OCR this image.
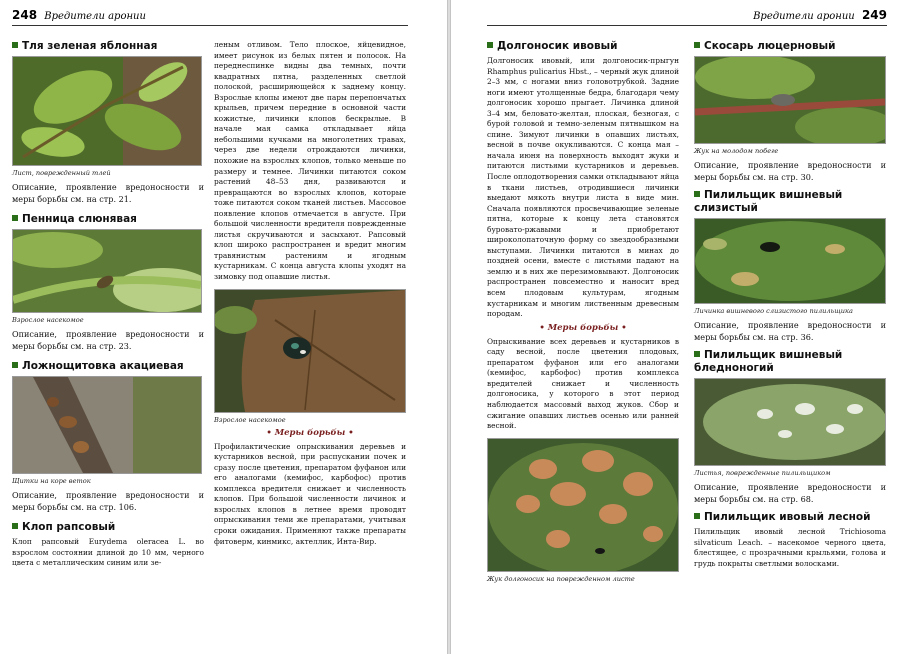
248 Вредители аронии
Тля зеленая яблонная

Лист, поврежденный тлей

Описание, проявление вредоносности и меры борьбы см. на стр. 21.

Пенница слюнявая

Взрослое насекомое

Описание, проявление вредоносности и меры борьбы см. на стр. 23.

Ложнощитовка акациевая

Щитки на коре веток

Описание, проявление вредоносности и меры борьбы см. на стр. 106.

Клоп рапсовый

Клоп рапсовый Eurydema oleracea L. во взрослом состоянии длиной до 10 мм, черного цвета с металлическим синим или зе-

леным отливом. Тело плоское, яйцевидное, имеет рисунок из белых пятен и полосок. На переднеспинке видны два темных, почти квадратных пятна, разделенных светлой полоской, расширяющейся к заднему концу. Взрослые клопы имеют две пары перепончатых крыльев, причем передние в основной части кожистые, личинки клопов бескрылые. В начале мая самка откладывает яйца небольшими кучками на многолетних травах, через две недели отрождаются личинки, похожие на взрослых клопов, только меньше по размеру и темнее. Личинки питаются соком растений 48–53 дня, развиваются и превращаются во взрослых клопов, которые тоже питаются соком тканей листьев. Массовое появление клопов отмечается в августе. При большой численности вредителя поврежденные листья скручиваются и засыхают. Рапсовый клоп широко распространен и вредит многим травянистым растениям и ягодным кустарникам. С конца августа клопы уходят на зимовку под опавшие листья.

Взрослое насекомое

• Меры борьбы •

Профилактические опрыскивания деревьев и кустарников весной, при распускании почек и сразу после цветения, препаратом фуфанон или его аналогами (кемифос, карбофос) против комплекса вредителя снижает и численность клопов. При большой численности личинок и взрослых клопов в летнее время проводят опрыскивания теми же препаратами, учитывая сроки ожидания. Применяют также препараты фитоверм, кинмикс, актеллик, Инта-Вир.

Вредители аронии 249
Долгоносик ивовый

Долгоносик ивовый, или долгоносик-прыгун Rhamphus pulicarius Hbst., – черный жук длиной 2–3 мм, с ногами вниз головотрубкой. Задние ноги имеют утолщенные бедра, благодаря чему долгоносик хорошо прыгает. Личинка длиной 3–4 мм, беловато-желтая, плоская, безногая, с бурой головой и темно-зеленым пятнышком на спине. Зимуют личинки в опавших листьях, весной в почве окукливаются. С конца мая – начала июня на поверхность выходят жуки и питаются листьями кустарников и деревьев. После оплодотворения самки откладывают яйца в ткани листьев, отродившиеся личинки выедают мякоть внутри листа в виде мин. Сначала появляются просвечивающие зеленые пятна, которые к концу лета становятся буровато-ржавыми и приобретают широколопаточную форму со звездообразными выступами. Личинки питаются в минах до поздней осени, вместе с листьями падают на землю и в них же перезимовывают. Долгоносик распространен повсеместно и наносит вред всем плодовым культурам, ягодным кустарникам и многим лиственным древесным породам.

• Меры борьбы •

Опрыскивание всех деревьев и кустарников в саду весной, после цветения плодовых, препаратом фуфанон или его аналогами (кемифос, карбофос) против комплекса вредителей снижает и численность долгоносика, у которого в этот период наблюдается массовый выход жуков. Сбор и сжигание опавших листьев осенью или ранней весной.

Жук долгоносик на поврежденном листе

Скосарь люцерновый

Жук на молодом побеге

Описание, проявление вредоносности и меры борьбы см. на стр. 30.

Пилильщик вишневый слизистый

Личинка вишневого слизистого пилильщика

Описание, проявление вредоносности и меры борьбы см. на стр. 36.

Пилильщик вишневый бледноногий

Листья, поврежденные пилильщиком

Описание, проявление вредоносности и меры борьбы см. на стр. 68.

Пилильщик ивовый лесной

Пилильщик ивовый лесной Trichiosoma silvaticum Leach. – насекомое черного цвета, блестящее, с прозрачными крыльями, голова и грудь покрыты светлыми волосками.
